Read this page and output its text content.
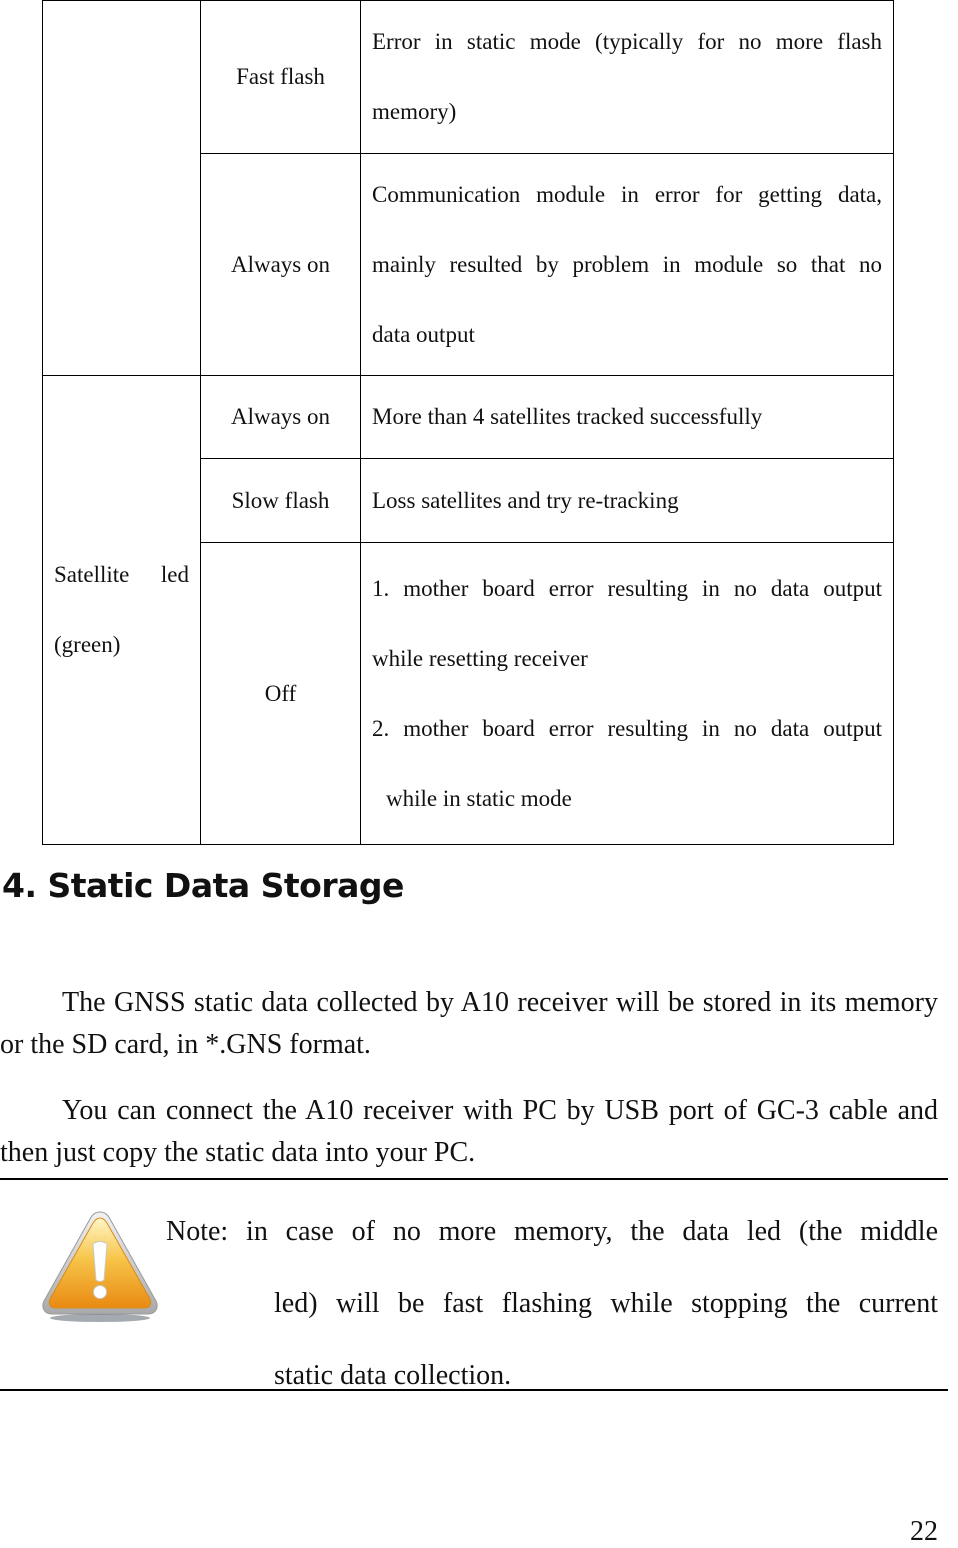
	Fast flash	Error in static mode (typically for no more flash
memory)

	Always on	Communication module in error for getting data,
mainly resulted by problem in module so that no
data output

Satellite led (green)	Always on	More than 4 satellites tracked successfully

	Slow flash	Loss satellites and try re-tracking

	Off	1. mother board error resulting in no data output
while resetting receiver
2. mother board error resulting in no data output
while in static mode
4. Static Data Storage

The GNSS static data collected by A10 receiver will be stored in its memory or the SD card, in *.GNS format.

You can connect the A10 receiver with PC by USB port of GC-3 cable and then just copy the static data into your PC.

Note: in case of no more memory, the data led (the middle
led) will be fast flashing while stopping the current
static data collection.

22
